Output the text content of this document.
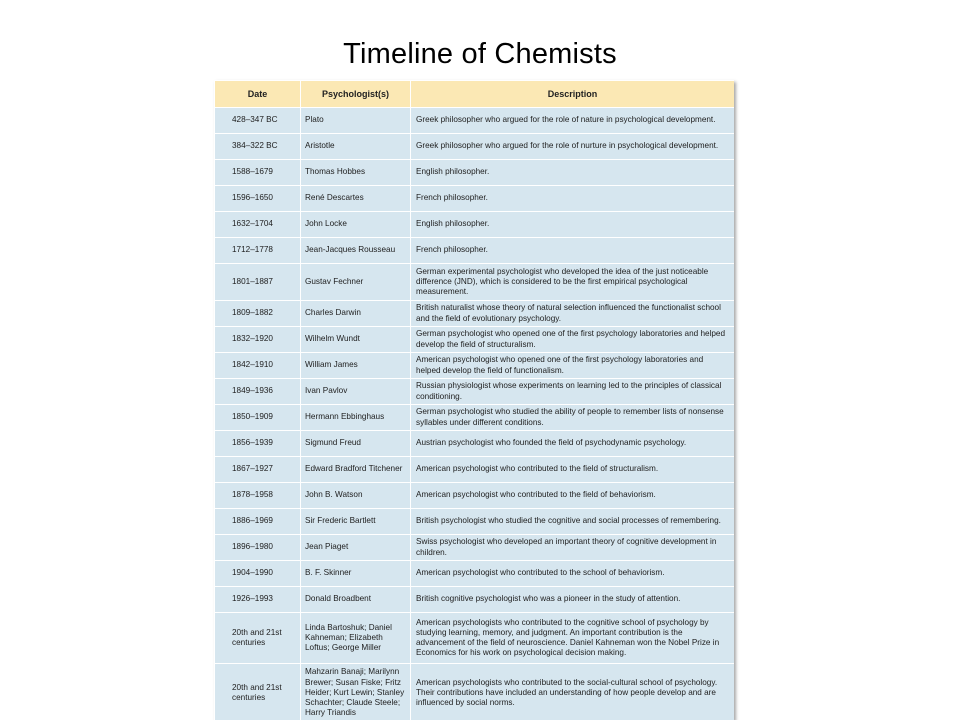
Timeline of Chemists
Date	Psychologist(s)	Description
428–347 BC	Plato	Greek philosopher who argued for the role of nature in psychological development.
384–322 BC	Aristotle	Greek philosopher who argued for the role of nurture in psychological development.
1588–1679	Thomas Hobbes	English philosopher.
1596–1650	René Descartes	French philosopher.
1632–1704	John Locke	English philosopher.
1712–1778	Jean-Jacques Rousseau	French philosopher.
1801–1887	Gustav Fechner	German experimental psychologist who developed the idea of the just noticeable difference (JND), which is considered to be the first empirical psychological measurement.
1809–1882	Charles Darwin	British naturalist whose theory of natural selection influenced the functionalist school and the field of evolutionary psychology.
1832–1920	Wilhelm Wundt	German psychologist who opened one of the first psychology laboratories and helped develop the field of structuralism.
1842–1910	William James	American psychologist who opened one of the first psychology laboratories and helped develop the field of functionalism.
1849–1936	Ivan Pavlov	Russian physiologist whose experiments on learning led to the principles of classical conditioning.
1850–1909	Hermann Ebbinghaus	German psychologist who studied the ability of people to remember lists of nonsense syllables under different conditions.
1856–1939	Sigmund Freud	Austrian psychologist who founded the field of psychodynamic psychology.
1867–1927	Edward Bradford Titchener	American psychologist who contributed to the field of structuralism.
1878–1958	John B. Watson	American psychologist who contributed to the field of behaviorism.
1886–1969	Sir Frederic Bartlett	British psychologist who studied the cognitive and social processes of remembering.
1896–1980	Jean Piaget	Swiss psychologist who developed an important theory of cognitive development in children.
1904–1990	B. F. Skinner	American psychologist who contributed to the school of behaviorism.
1926–1993	Donald Broadbent	British cognitive psychologist who was a pioneer in the study of attention.
20th and 21st centuries	Linda Bartoshuk; Daniel Kahneman; Elizabeth Loftus; George Miller	American psychologists who contributed to the cognitive school of psychology by studying learning, memory, and judgment. An important contribution is the advancement of the field of neuroscience. Daniel Kahneman won the Nobel Prize in Economics for his work on psychological decision making.
20th and 21st centuries	Mahzarin Banaji; Marilynn Brewer; Susan Fiske; Fritz Heider; Kurt Lewin; Stanley Schachter; Claude Steele; Harry Triandis	American psychologists who contributed to the social-cultural school of psychology. Their contributions have included an understanding of how people develop and are influenced by social norms.
